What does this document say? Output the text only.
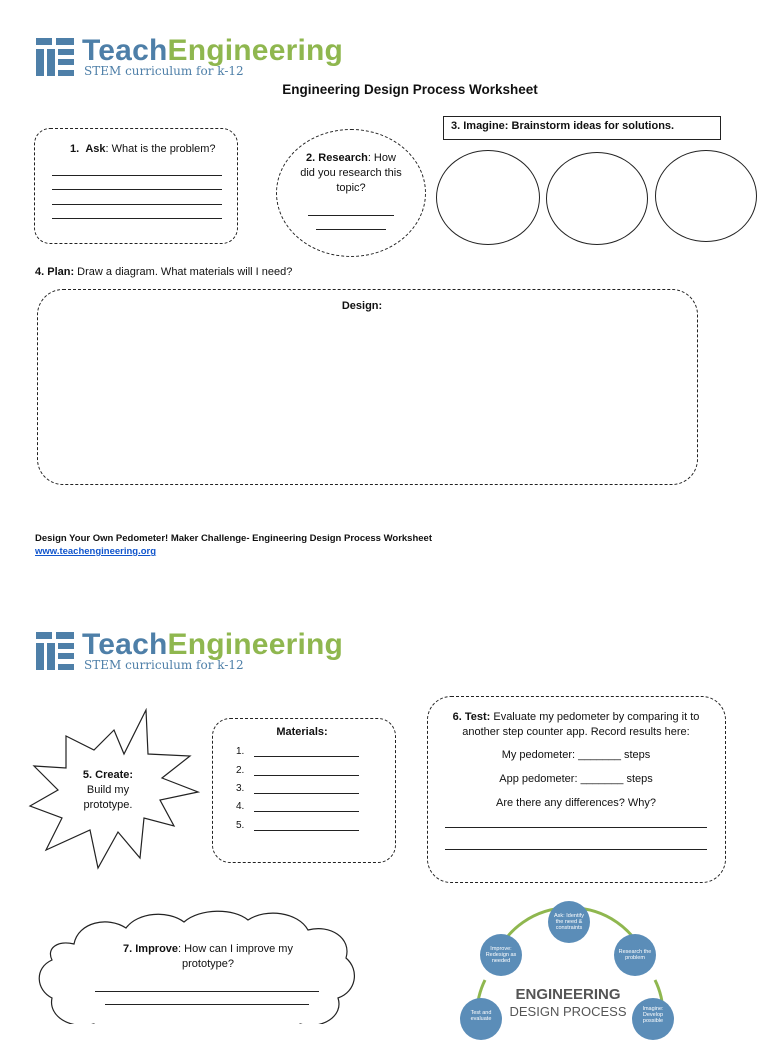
TeachEngineering
STEM curriculum for k-12
Engineering Design Process Worksheet
1. Ask: What is the problem?
2. Research: How did you research this topic?
3. Imagine: Brainstorm ideas for solutions.
4. Plan: Draw a diagram. What materials will I need?
Design:
Design Your Own Pedometer! Maker Challenge- Engineering Design Process Worksheet
www.teachengineering.org
TeachEngineering
STEM curriculum for k-12
5. Create:
Build my prototype.
Materials:
1.
2.
3.
4.
5.
6. Test: Evaluate my pedometer by comparing it to another step counter app. Record results here:
My pedometer: _______ steps
App pedometer: _______ steps
Are there any differences? Why?
7. Improve: How can I improve my prototype?
Ask: Identify the need & constraints
Research the problem
Improve: Redesign as needed
Test and evaluate
Imagine: Develop possible
ENGINEERING
DESIGN PROCESS
